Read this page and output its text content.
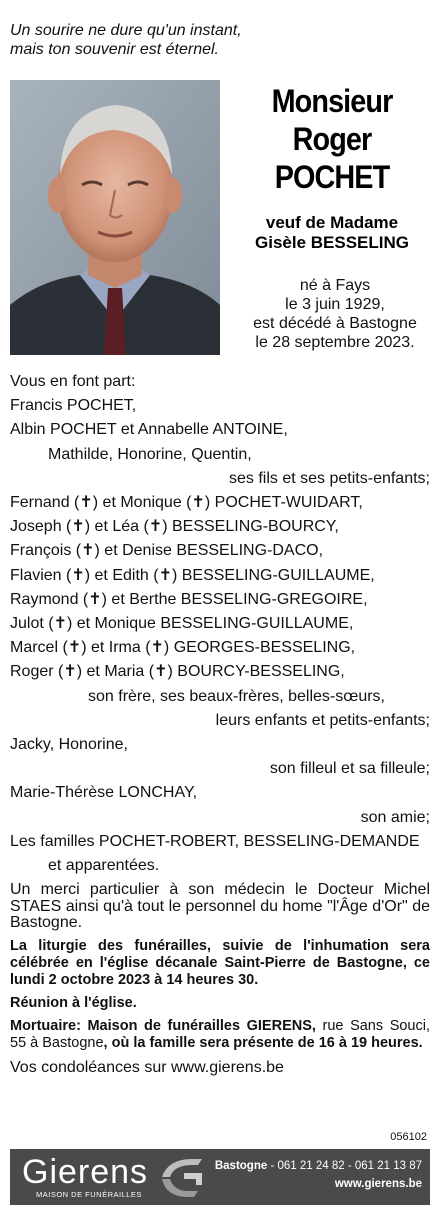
Un sourire ne dure qu'un instant,
mais ton souvenir est éternel.
Monsieur
Roger
POCHET
veuf de Madame
Gisèle BESSELING
né à Fays
le 3 juin 1929,
est décédé à Bastogne
le 28 septembre 2023.
Vous en font part:
Francis POCHET,
Albin POCHET et Annabelle ANTOINE,
Mathilde, Honorine, Quentin,
ses fils et ses petits-enfants;
Fernand (✝) et Monique (✝) POCHET-WUIDART,
Joseph (✝) et Léa (✝) BESSELING-BOURCY,
François (✝) et Denise BESSELING-DACO,
Flavien (✝) et Edith (✝) BESSELING-GUILLAUME,
Raymond (✝) et Berthe BESSELING-GREGOIRE,
Julot (✝) et Monique BESSELING-GUILLAUME,
Marcel (✝) et Irma (✝) GEORGES-BESSELING,
Roger (✝) et Maria (✝) BOURCY-BESSELING,
son frère, ses beaux-frères, belles-sœurs,
leurs enfants et petits-enfants;
Jacky, Honorine,
son filleul et sa filleule;
Marie-Thérèse LONCHAY,
son amie;
Les familles POCHET-ROBERT, BESSELING-DEMANDE
et apparentées.
Un merci particulier à son médecin le Docteur Michel STAES ainsi qu'à tout le personnel du home "l'Âge d'Or" de Bastogne.
La liturgie des funérailles, suivie de l'inhumation sera célébrée en l'église décanale Saint-Pierre de Bastogne, ce lundi 2 octobre 2023 à 14 heures 30.
Réunion à l'église.
Mortuaire: Maison de funérailles GIERENS, rue Sans Souci, 55 à Bastogne, où la famille sera présente de 16 à 19 heures.
Vos condoléances sur www.gierens.be
056102
Gierens
MAISON DE FUNÉRAILLES
Bastogne - 061 21 24 82 - 061 21 13 87
www.gierens.be
